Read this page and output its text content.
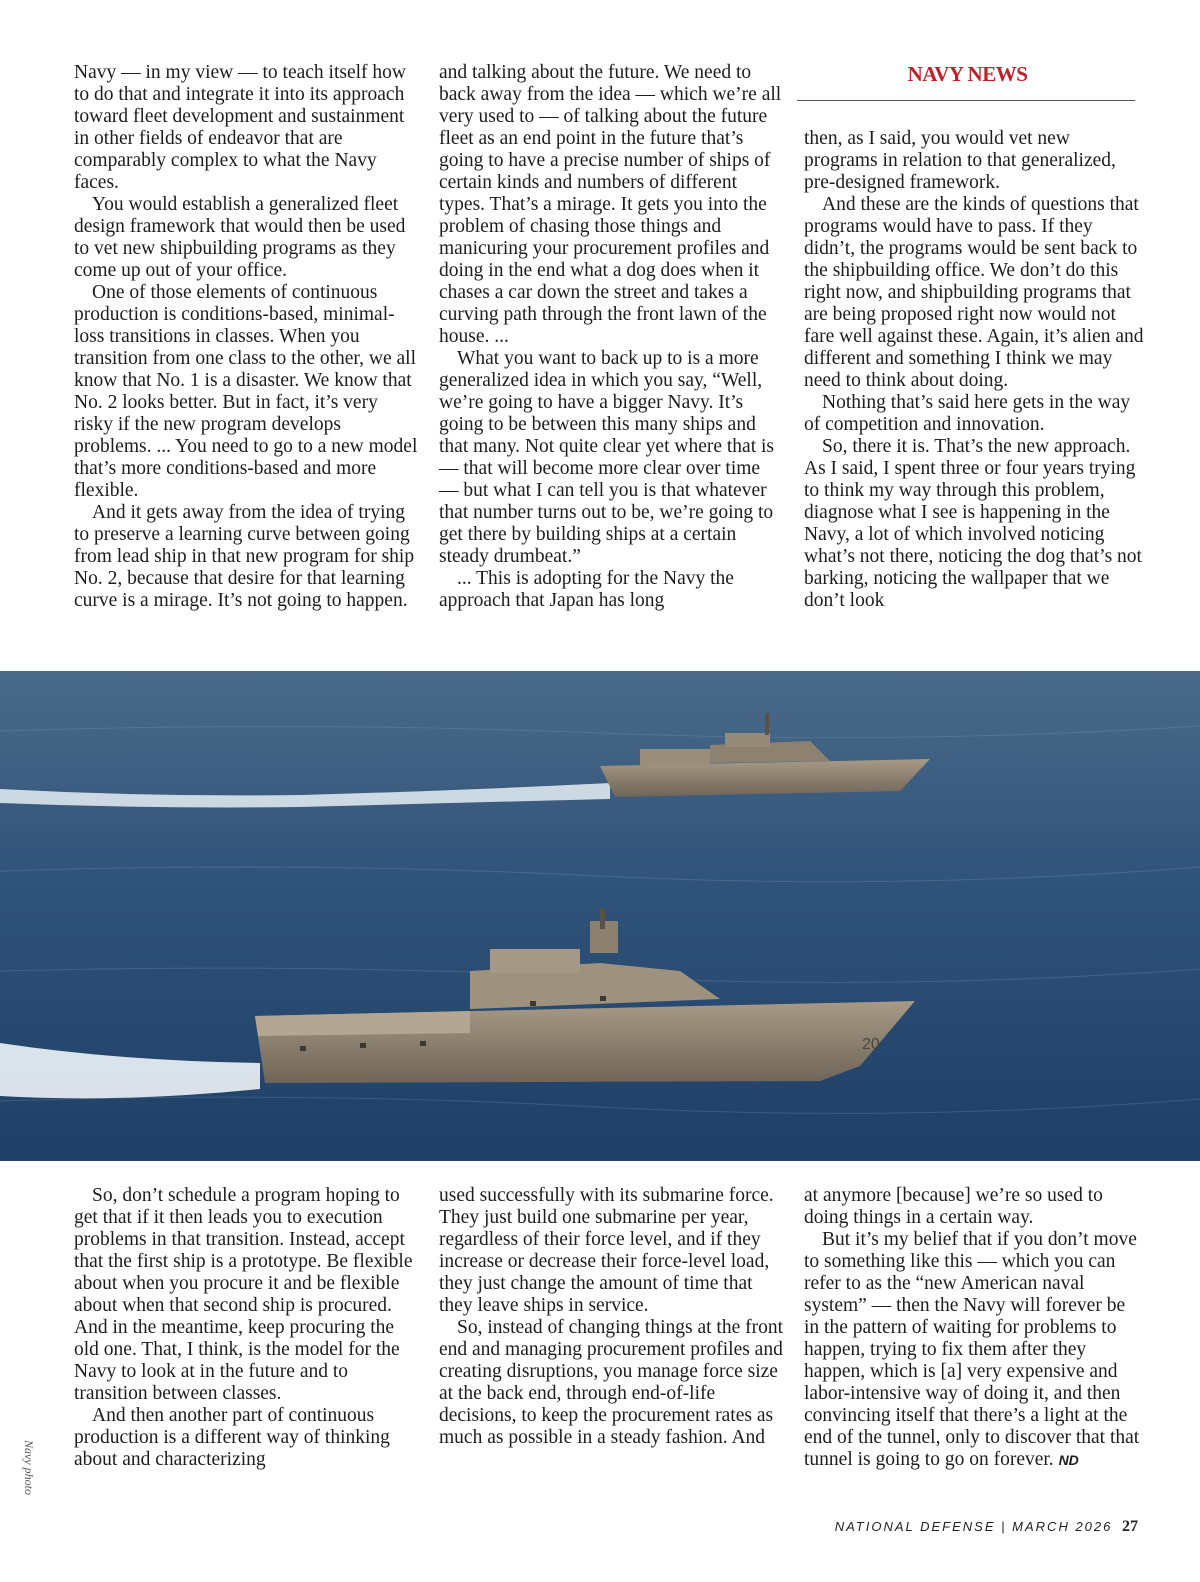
NAVY NEWS

Navy — in my view — to teach itself how to do that and integrate it into its approach toward fleet development and sustainment in other fields of endeavor that are comparably complex to what the Navy faces.

You would establish a generalized fleet design framework that would then be used to vet new shipbuilding programs as they come up out of your office.

One of those elements of continuous production is conditions-based, minimal-loss transitions in classes. When you transition from one class to the other, we all know that No. 1 is a disaster. We know that No. 2 looks better. But in fact, it’s very risky if the new program develops problems. ... You need to go to a new model that’s more conditions-based and more flexible.

And it gets away from the idea of trying to preserve a learning curve between going from lead ship in that new program for ship No. 2, because that desire for that learning curve is a mirage. It’s not going to happen.

and talking about the future. We need to back away from the idea — which we’re all very used to — of talking about the future fleet as an end point in the future that’s going to have a precise number of ships of certain kinds and numbers of different types. That’s a mirage. It gets you into the problem of chasing those things and manicuring your procurement profiles and doing in the end what a dog does when it chases a car down the street and takes a curving path through the front lawn of the house. ...

What you want to back up to is a more generalized idea in which you say, “Well, we’re going to have a bigger Navy. It’s going to be between this many ships and that many. Not quite clear yet where that is — that will become more clear over time — but what I can tell you is that whatever that number turns out to be, we’re going to get there by building ships at a certain steady drumbeat.”

... This is adopting for the Navy the approach that Japan has long

then, as I said, you would vet new programs in relation to that generalized, pre-designed framework.

And these are the kinds of questions that programs would have to pass. If they didn’t, the programs would be sent back to the shipbuilding office. We don’t do this right now, and shipbuilding programs that are being proposed right now would not fare well against these. Again, it’s alien and different and something I think we may need to think about doing.

Nothing that’s said here gets in the way of competition and innovation.

So, there it is. That’s the new approach. As I said, I spent three or four years trying to think my way through this problem, diagnose what I see is happening in the Navy, a lot of which involved noticing what’s not there, noticing the dog that’s not barking, noticing the wallpaper that we don’t look

20

So, don’t schedule a program hoping to get that if it then leads you to execution problems in that transition. Instead, accept that the first ship is a prototype. Be flexible about when you procure it and be flexible about when that second ship is procured. And in the meantime, keep procuring the old one. That, I think, is the model for the Navy to look at in the future and to transition between classes.

And then another part of continuous production is a different way of thinking about and characterizing

used successfully with its submarine force. They just build one submarine per year, regardless of their force level, and if they increase or decrease their force-level load, they just change the amount of time that they leave ships in service.

So, instead of changing things at the front end and managing procurement profiles and creating disruptions, you manage force size at the back end, through end-of-life decisions, to keep the procurement rates as much as possible in a steady fashion. And

at anymore [because] we’re so used to doing things in a certain way.

But it’s my belief that if you don’t move to something like this — which you can refer to as the “new American naval system” — then the Navy will forever be in the pattern of waiting for problems to happen, trying to fix them after they happen, which is [a] very expensive and labor-intensive way of doing it, and then convincing itself that there’s a light at the end of the tunnel, only to discover that that tunnel is going to go on forever. ND

Navy photo
NATIONAL DEFENSE | MARCH 2026 27
